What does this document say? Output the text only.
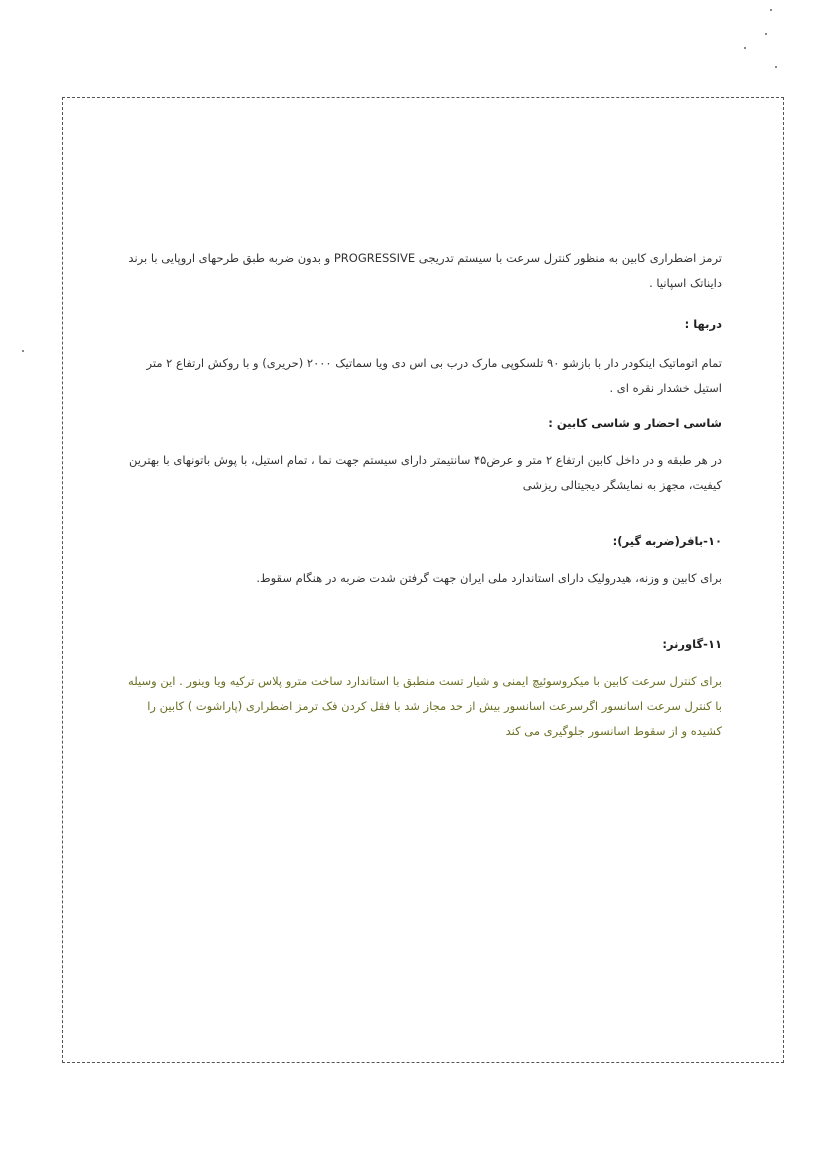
ترمز اضطراری کابین به منظور کنترل سرعت با سیستم تدریجی PROGRESSIVE و بدون ضربه طبق طرحهای اروپایی با برند دایناتک اسپانیا .

دربها :

تمام اتوماتیک اینکودر دار با بازشو ۹۰ تلسکوپی مارک درب بی اس دی ویا سماتیک ۲۰۰۰ (حریری) و با روکش ارتفاع ۲ متر استیل خشدار نقره ای .

شاسی احضار و شاسی کابین :

در هر طبقه و در داخل کابین ارتفاع ۲ متر و عرض۴۵ سانتیمتر دارای سیستم جهت نما ، تمام استیل، با پوش باتونهای با بهترین کیفیت، مجهز به نمایشگر دیجیتالی ریزشی

۱۰-بافر(ضربه گیر):

برای کابین و وزنه، هیدرولیک دارای استاندارد ملی ایران جهت گرفتن شدت ضربه در هنگام سقوط.

۱۱-گاورنر:

برای کنترل سرعت کابین با میکروسوئیچ ایمنی و شیار تست منطبق با استاندارد ساخت مترو پلاس ترکیه ویا وینور . این وسیله با کنترل سرعت اسانسور اگرسرعت اسانسور بیش از حد مجاز شد با فقل کردن فک ترمز اضطراری (پاراشوت ) کابین را کشیده و از سقوط اسانسور جلوگیری می کند
